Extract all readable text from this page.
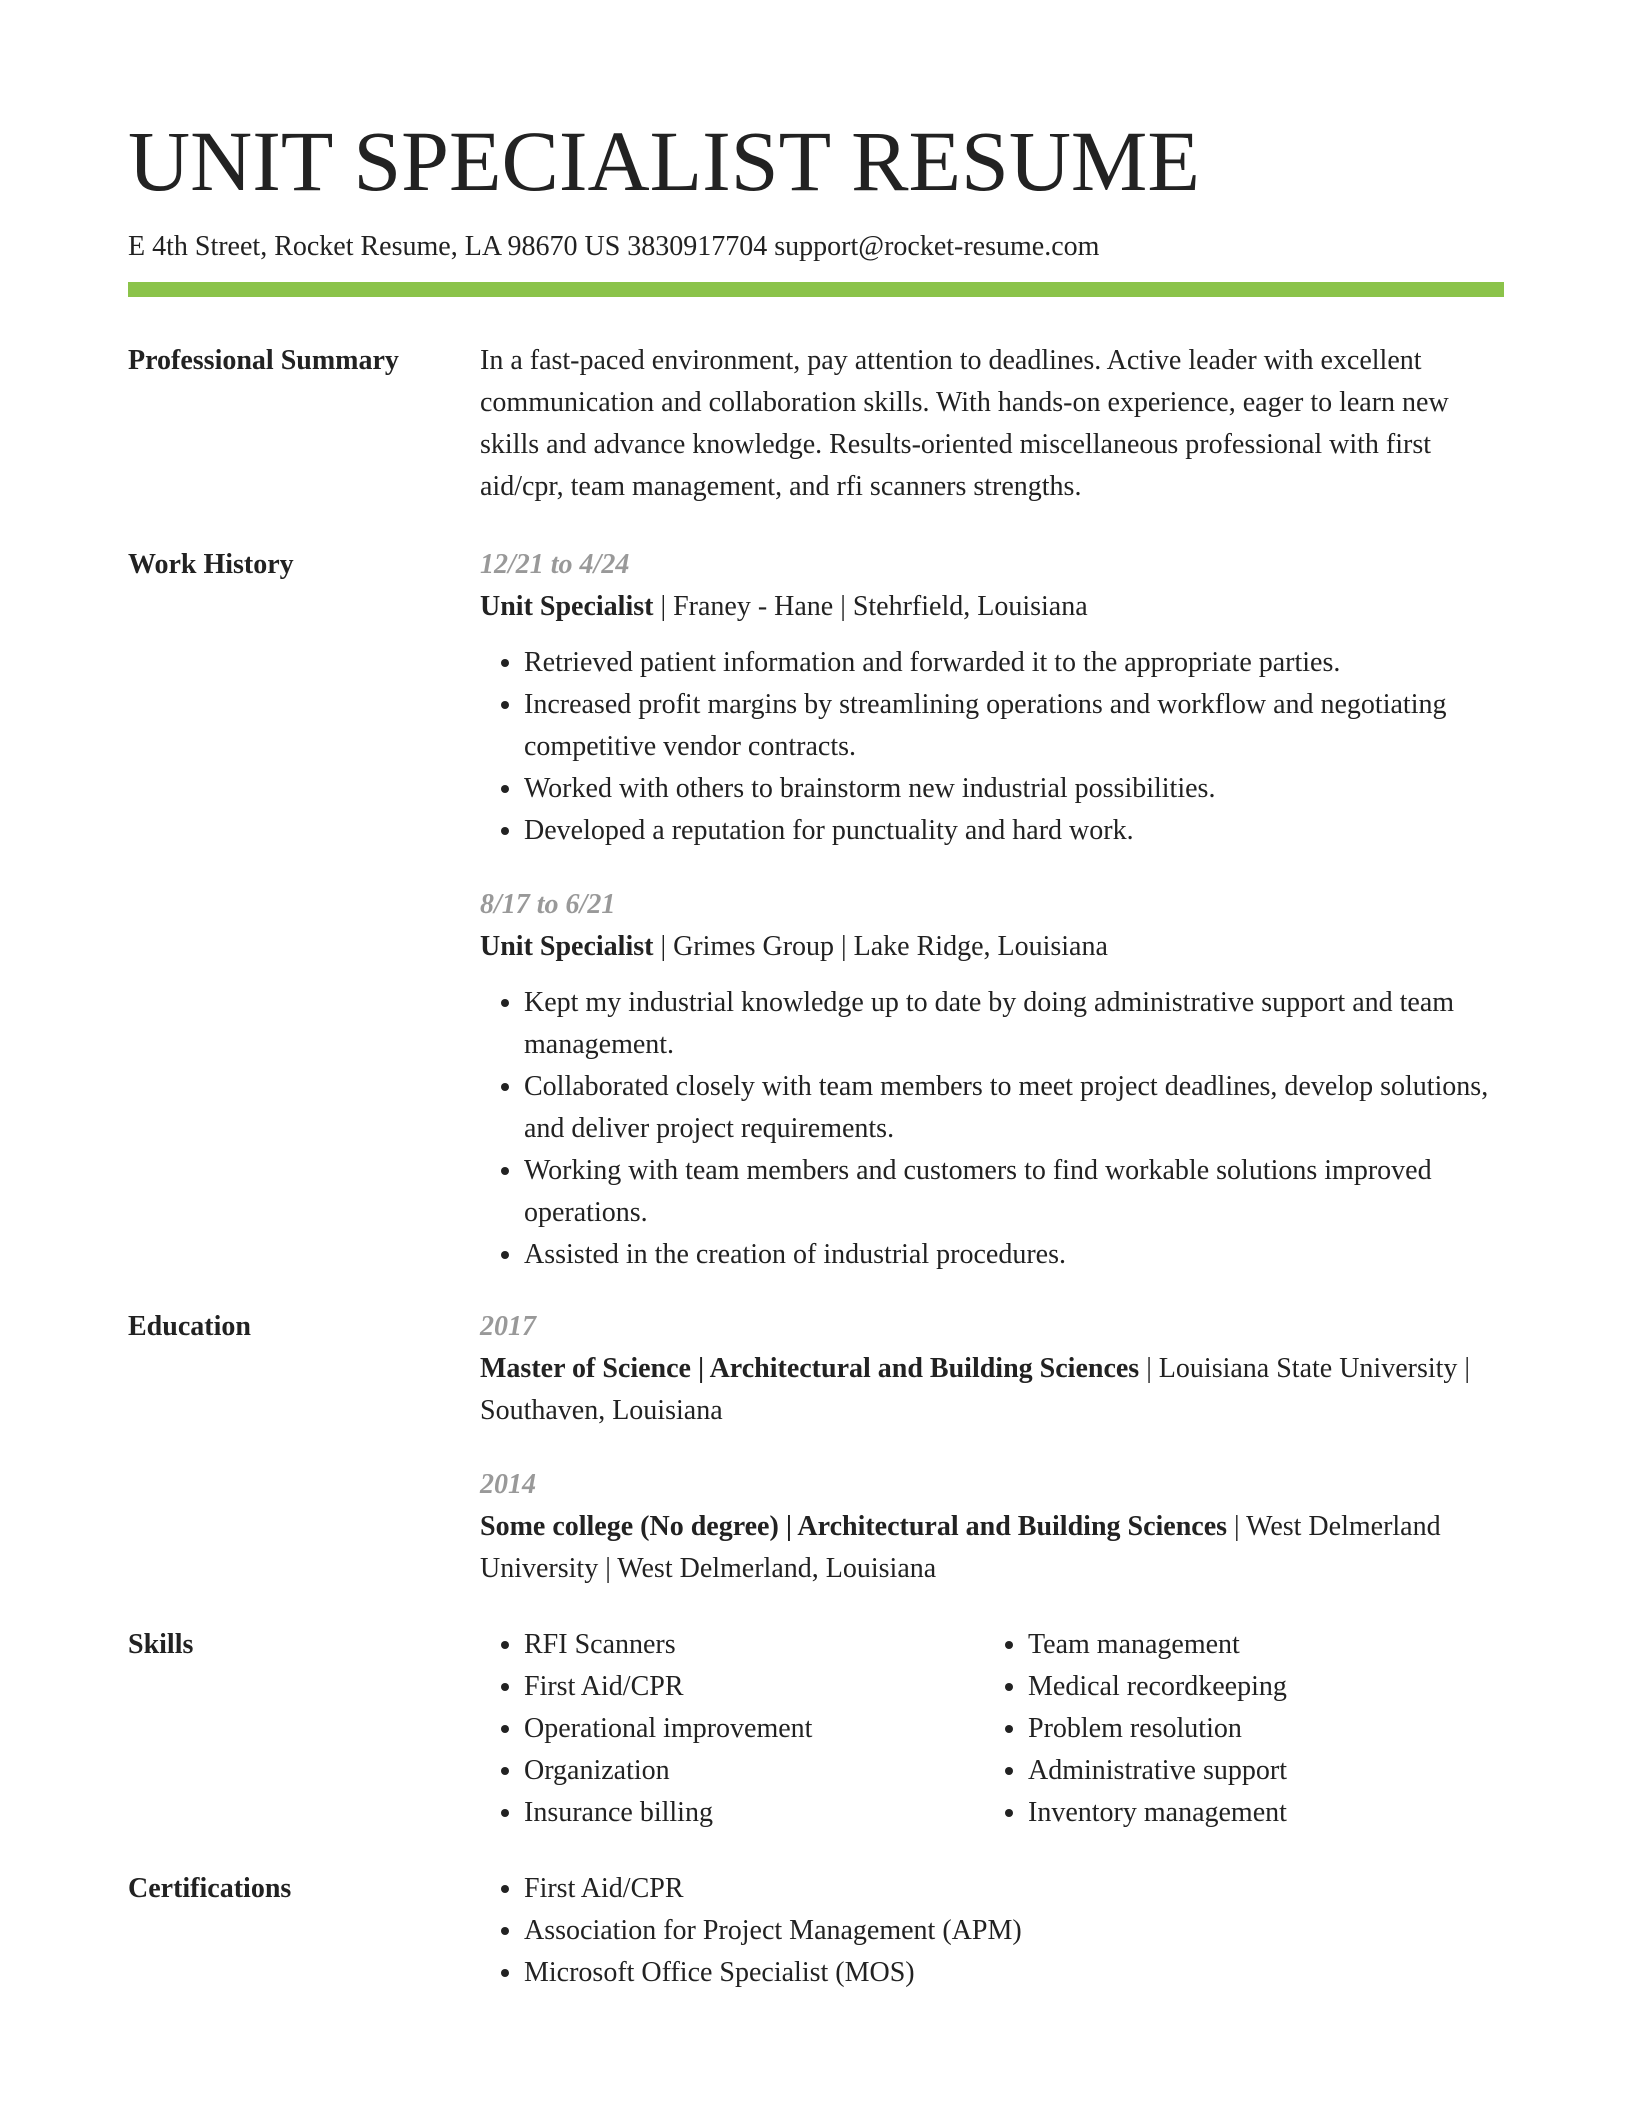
UNIT SPECIALIST RESUME
E 4th Street, Rocket Resume, LA 98670 US 3830917704 support@rocket-resume.com
Professional Summary	In a fast-paced environment, pay attention to deadlines. Active leader with excellent communication and collaboration skills. With hands-on experience, eager to learn new skills and advance knowledge. Results-oriented miscellaneous professional with first aid/cpr, team management, and rfi scanners strengths.
Work History	12/21 to 4/24
Unit Specialist | Franey - Hane | Stehrfield, Louisiana
• Retrieved patient information and forwarded it to the appropriate parties.
• Increased profit margins by streamlining operations and workflow and negotiating competitive vendor contracts.
• Worked with others to brainstorm new industrial possibilities.
• Developed a reputation for punctuality and hard work.
8/17 to 6/21
Unit Specialist | Grimes Group | Lake Ridge, Louisiana
• Kept my industrial knowledge up to date by doing administrative support and team management.
• Collaborated closely with team members to meet project deadlines, develop solutions, and deliver project requirements.
• Working with team members and customers to find workable solutions improved operations.
• Assisted in the creation of industrial procedures.
Education	2017
Master of Science | Architectural and Building Sciences | Louisiana State University | Southaven, Louisiana
2014
Some college (No degree) | Architectural and Building Sciences | West Delmerland University | West Delmerland, Louisiana
Skills	• RFI Scanners
• First Aid/CPR
• Operational improvement
• Organization
• Insurance billing
• Team management
• Medical recordkeeping
• Problem resolution
• Administrative support
• Inventory management
Certifications	• First Aid/CPR
• Association for Project Management (APM)
• Microsoft Office Specialist (MOS)
